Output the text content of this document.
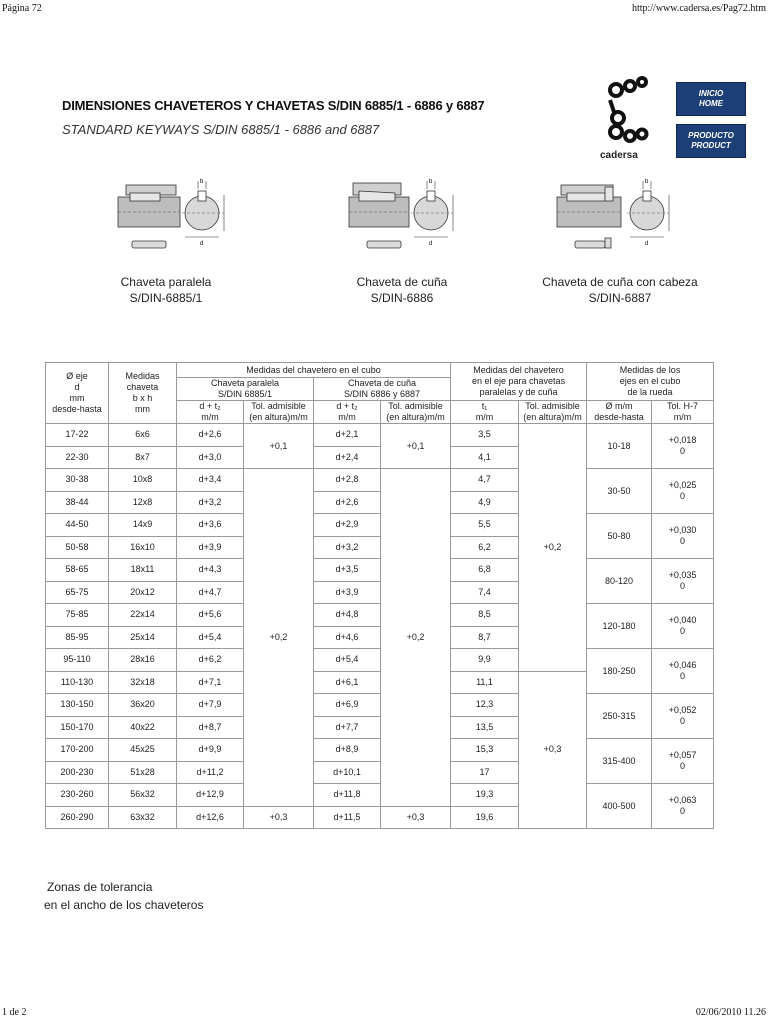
Página 72	http://www.cadersa.es/Pag72.htm
DIMENSIONES CHAVETEROS Y CHAVETAS S/DIN 6885/1 - 6886 y 6887
STANDARD KEYWAYS S/DIN 6885/1 - 6886 and 6887
cadersa
INICIO
HOME
PRODUCTO
PRODUCT
b
d
b
d
b
d
Chaveta paralela
S/DIN-6885/1
Chaveta de cuña
S/DIN-6886
Chaveta de cuña con cabeza
S/DIN-6887
Ø eje
d
mm
desde-hasta	Medidas
chaveta
b x h
mm	Medidas del chavetero en el cubo				Medidas del chavetero
en el eje para chavetas
paralelas y de cuña		Medidas de los
ejes en el cubo
de la rueda	
		Chaveta paralela
S/DIN 6885/1		Chaveta de cuña
S/DIN 6886 y 6887					
		d + t₂
m/m	Tol. admisible
(en altura)m/m	d + t₂
m/m	Tol. admisible
(en altura)m/m	t₁
m/m	Tol. admisible
(en altura)m/m	Ø m/m
desde-hasta	Tol. H-7
m/m
17-22	6x6	d+2,6	+0,1	d+2,1	+0,1	3,5	+0,2	10-18	+0,018
0
22-30	8x7	d+3,0		d+2,4		4,1			
30-38	10x8	d+3,4	+0,2	d+2,8	+0,2	4,7		30-50	+0,025
0
38-44	12x8	d+3,2		d+2,6		4,9			
44-50	14x9	d+3,6		d+2,9		5,5		50-80	+0,030
0
50-58	16x10	d+3,9		d+3,2		6,2			
58-65	18x11	d+4,3		d+3,5		6,8		80-120	+0,035
0
65-75	20x12	d+4,7		d+3,9		7,4			
75-85	22x14	d+5,6		d+4,8		8,5		120-180	+0,040
0
85-95	25x14	d+5,4		d+4,6		8,7			
95-110	28x16	d+6,2		d+5,4		9,9		180-250	+0,046
0
110-130	32x18	d+7,1		d+6,1		11,1	+0,3		
130-150	36x20	d+7,9		d+6,9		12,3		250-315	+0,052
0
150-170	40x22	d+8,7		d+7,7		13,5			
170-200	45x25	d+9,9		d+8,9		15,3		315-400	+0,057
0
200-230	51x28	d+11,2		d+10,1		17			
230-260	56x32	d+12,9		d+11,8		19,3		400-500	+0,063
0
260-290	63x32	d+12,6	+0,3	d+11,5	+0,3	19,6			
Zonas de tolerancia
en el ancho de los chaveteros
1 de 2	02/06/2010 11.26
